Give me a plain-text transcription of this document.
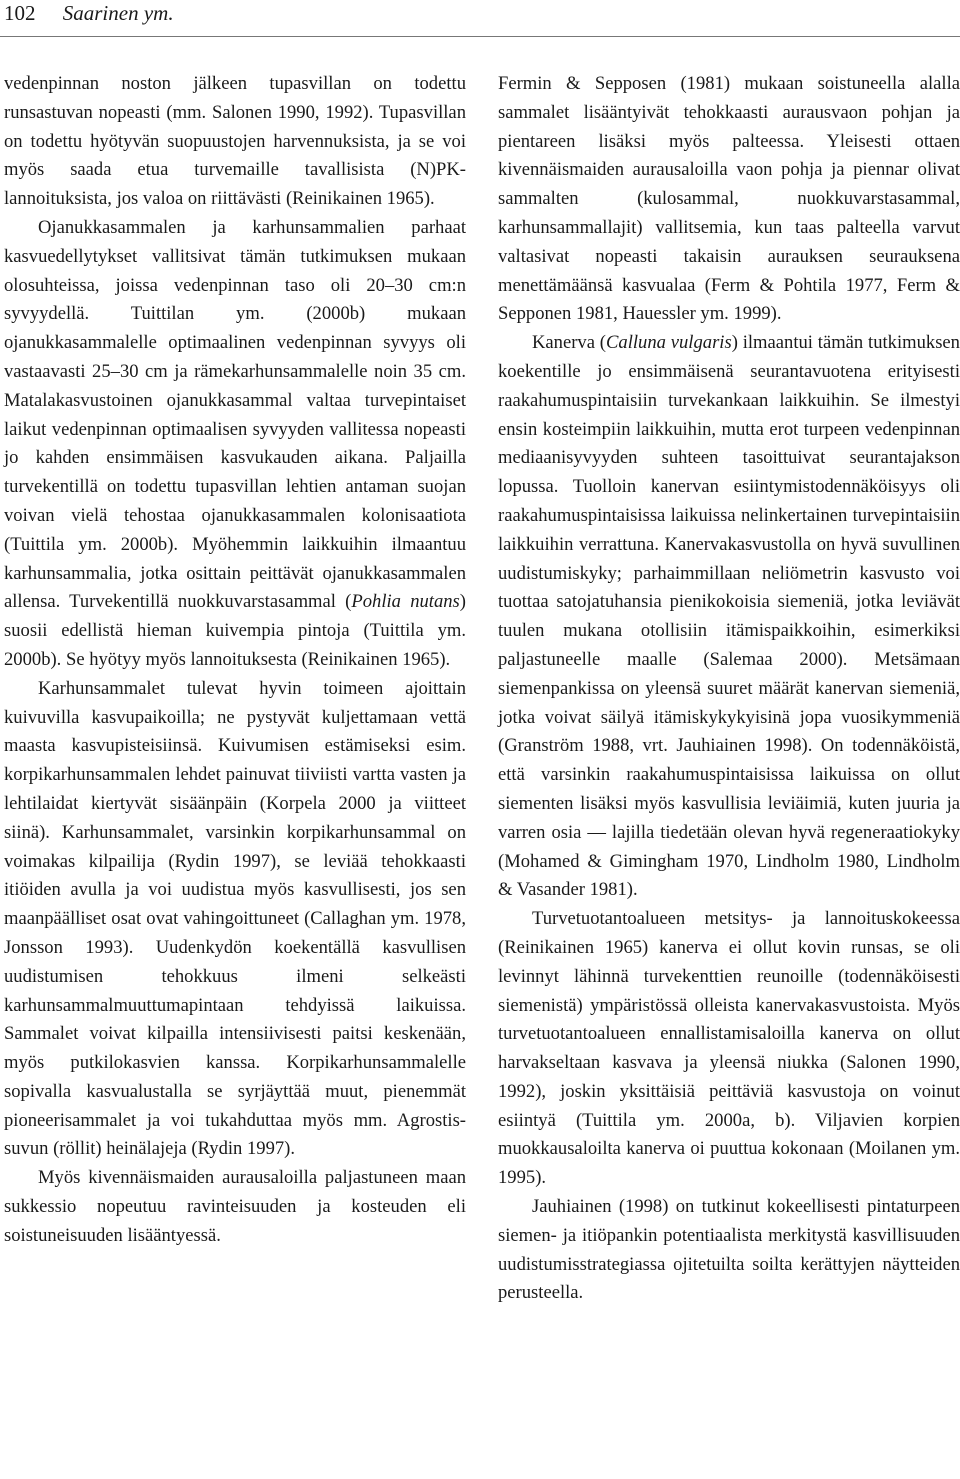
102 Saarinen ym.

vedenpinnan noston jälkeen tupasvillan on todettu runsastuvan nopeasti (mm. Salonen 1990, 1992). Tupasvillan on todettu hyötyvän suopuustojen harvennuksista, ja se voi myös saada etua turvemaille tavallisista (N)PK-lannoituksista, jos valoa on riittävästi (Reinikainen 1965).

Ojanukkasammalen ja karhunsammalien parhaat kasvuedellytykset vallitsivat tämän tutkimuksen mukaan olosuhteissa, joissa vedenpinnan taso oli 20–30 cm:n syvyydellä. Tuittilan ym. (2000b) mukaan ojanukkasammalelle optimaalinen vedenpinnan syvyys oli vastaavasti 25–30 cm ja rämekarhunsammalelle noin 35 cm. Matalakasvustoinen ojanukkasammal valtaa turvepintaiset laikut vedenpinnan optimaalisen syvyyden vallitessa nopeasti jo kahden ensimmäisen kasvukauden aikana. Paljailla turvekentillä on todettu tupasvillan lehtien antaman suojan voivan vielä tehostaa ojanukkasammalen kolonisaatiota (Tuittila ym. 2000b). Myöhemmin laikkuihin ilmaantuu karhunsammalia, jotka osittain peittävät ojanukkasammalen allensa. Turvekentillä nuokkuvarstasammal (Pohlia nutans) suosii edellistä hieman kuivempia pintoja (Tuittila ym. 2000b). Se hyötyy myös lannoituksesta (Reinikainen 1965).

Karhunsammalet tulevat hyvin toimeen ajoittain kuivuvilla kasvupaikoilla; ne pystyvät kuljettamaan vettä maasta kasvupisteisiinsä. Kuivumisen estämiseksi esim. korpikarhunsammalen lehdet painuvat tiiviisti vartta vasten ja lehtilaidat kiertyvät sisäänpäin (Korpela 2000 ja viitteet siinä). Karhunsammalet, varsinkin korpikarhunsammal on voimakas kilpailija (Rydin 1997), se leviää tehokkaasti itiöiden avulla ja voi uudistua myös kasvullisesti, jos sen maanpäälliset osat ovat vahingoittuneet (Callaghan ym. 1978, Jonsson 1993). Uudenkydön koekentällä kasvullisen uudistumisen tehokkuus ilmeni selkeästi karhunsammalmuuttumapintaan tehdyissä laikuissa. Sammalet voivat kilpailla intensiivisesti paitsi keskenään, myös putkilokasvien kanssa. Korpikarhunsammalelle sopivalla kasvualustalla se syrjäyttää muut, pienemmät pioneerisammalet ja voi tukahduttaa myös mm. Agrostis-suvun (röllit) heinälajeja (Rydin 1997).

Myös kivennäismaiden aurausaloilla paljastuneen maan sukkessio nopeutuu ravinteisuuden ja kosteuden eli soistuneisuuden lisääntyessä.

Fermin & Sepposen (1981) mukaan soistuneella alalla sammalet lisääntyivät tehokkaasti aurausvaon pohjan ja pientareen lisäksi myös palteessa. Yleisesti ottaen kivennäismaiden aurausaloilla vaon pohja ja piennar olivat sammalten (kulosammal, nuokkuvarstasammal, karhunsammallajit) vallitsemia, kun taas palteella varvut valtasivat nopeasti takaisin aurauksen seurauksena menettämäänsä kasvualaa (Ferm & Pohtila 1977, Ferm & Sepponen 1981, Hauessler ym. 1999).

Kanerva (Calluna vulgaris) ilmaantui tämän tutkimuksen koekentille jo ensimmäisenä seurantavuotena erityisesti raakahumuspintaisiin turvekankaan laikkuihin. Se ilmestyi ensin kosteimpiin laikkuihin, mutta erot turpeen vedenpinnan mediaanisyvyyden suhteen tasoittuivat seurantajakson lopussa. Tuolloin kanervan esiintymistodennäköisyys oli raakahumuspintaisissa laikuissa nelinkertainen turvepintaisiin laikkuihin verrattuna. Kanervakasvustolla on hyvä suvullinen uudistumiskyky; parhaimmillaan neliömetrin kasvusto voi tuottaa satojatuhansia pienikokoisia siemeniä, jotka leviävät tuulen mukana otollisiin itämispaikkoihin, esimerkiksi paljastuneelle maalle (Salemaa 2000). Metsämaan siemenpankissa on yleensä suuret määrät kanervan siemeniä, jotka voivat säilyä itämiskykykyisinä jopa vuosikymmeniä (Granström 1988, vrt. Jauhiainen 1998). On todennäköistä, että varsinkin raakahumuspintaisissa laikuissa on ollut siementen lisäksi myös kasvullisia leviäimiä, kuten juuria ja varren osia — lajilla tiedetään olevan hyvä regeneraatiokyky (Mohamed & Gimingham 1970, Lindholm 1980, Lindholm & Vasander 1981).

Turvetuotantoalueen metsitys- ja lannoituskokeessa (Reinikainen 1965) kanerva ei ollut kovin runsas, se oli levinnyt lähinnä turvekenttien reunoille (todennäköisesti siemenistä) ympäristössä olleista kanervakasvustoista. Myös turvetuotantoalueen ennallistamisaloilla kanerva on ollut harvakseltaan kasvava ja yleensä niukka (Salonen 1990, 1992), joskin yksittäisiä peittäviä kasvustoja on voinut esiintyä (Tuittila ym. 2000a, b). Viljavien korpien muokkausaloilta kanerva oi puuttua kokonaan (Moilanen ym. 1995).

Jauhiainen (1998) on tutkinut kokeellisesti pintaturpeen siemen- ja itiöpankin potentiaalista merkitystä kasvillisuuden uudistumisstrategiassa ojitetuilta soilta kerättyjen näytteiden perusteella.
